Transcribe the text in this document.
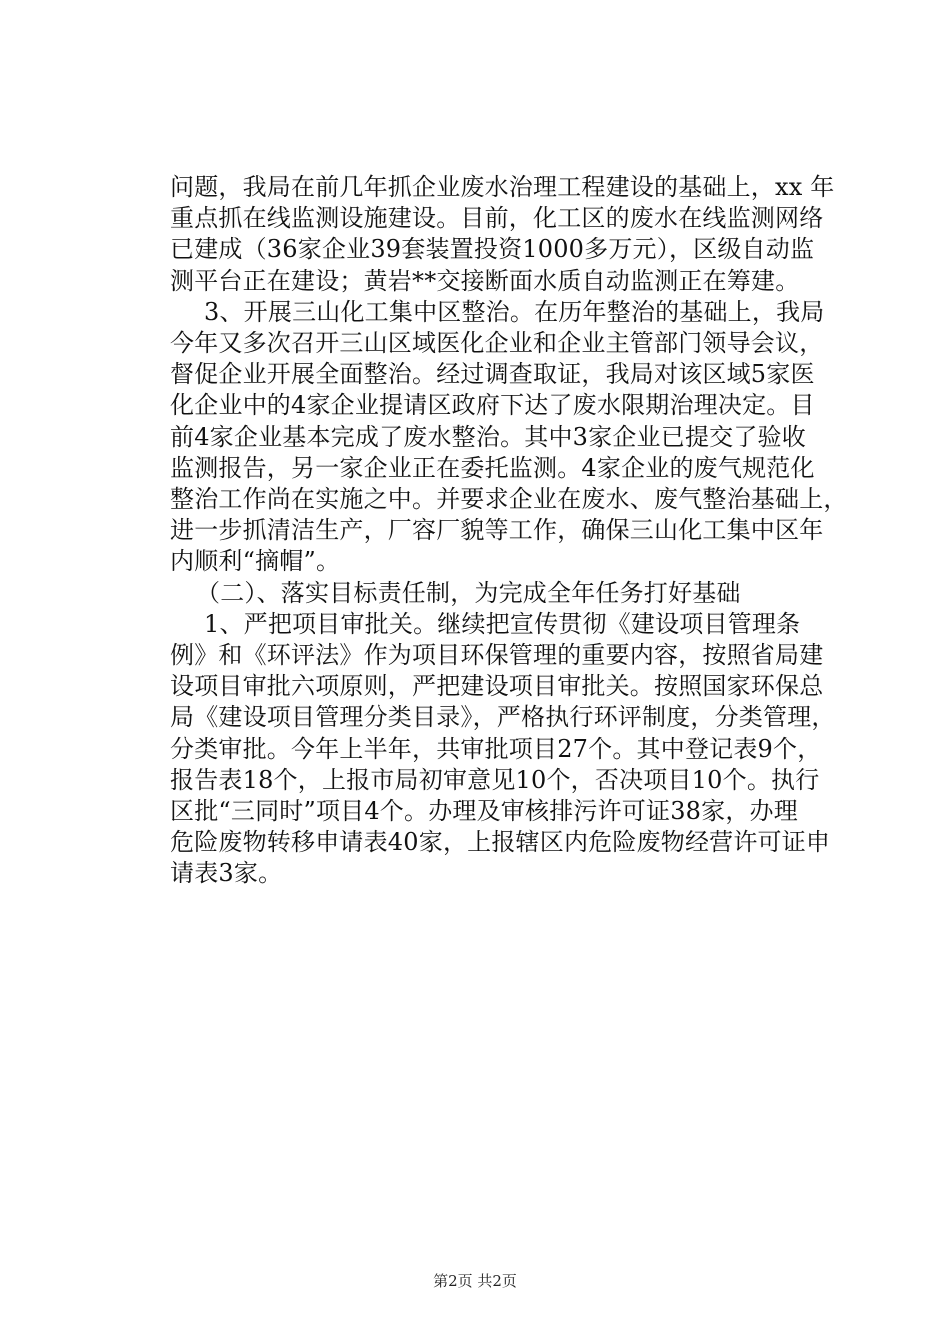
问题，我局在前几年抓企业废水治理工程建设的基础上，xx 年
重点抓在线监测设施建设。目前，化工区的废水在线监测网络
已建成（36家企业39套装置投资1000多万元），区级自动监
测平台正在建设；黄岩**交接断面水质自动监测正在筹建。
3、开展三山化工集中区整治。在历年整治的基础上，我局
今年又多次召开三山区域医化企业和企业主管部门领导会议，
督促企业开展全面整治。经过调查取证，我局对该区域5家医
化企业中的4家企业提请区政府下达了废水限期治理决定。目
前4家企业基本完成了废水整治。其中3家企业已提交了验收
监测报告，另一家企业正在委托监测。4家企业的废气规范化
整治工作尚在实施之中。并要求企业在废水、废气整治基础上，
进一步抓清洁生产，厂容厂貌等工作，确保三山化工集中区年
内顺利“摘帽”。
（二）、落实目标责任制，为完成全年任务打好基础
1、严把项目审批关。继续把宣传贯彻《建设项目管理条
例》和《环评法》作为项目环保管理的重要内容，按照省局建
设项目审批六项原则，严把建设项目审批关。按照国家环保总
局《建设项目管理分类目录》，严格执行环评制度，分类管理，
分类审批。今年上半年，共审批项目27个。其中登记表9个，
报告表18个，上报市局初审意见10个，否决项目10个。执行
区批“三同时”项目4个。办理及审核排污许可证38家，办理
危险废物转移申请表40家，上报辖区内危险废物经营许可证申
请表3家。
第2页 共2页
